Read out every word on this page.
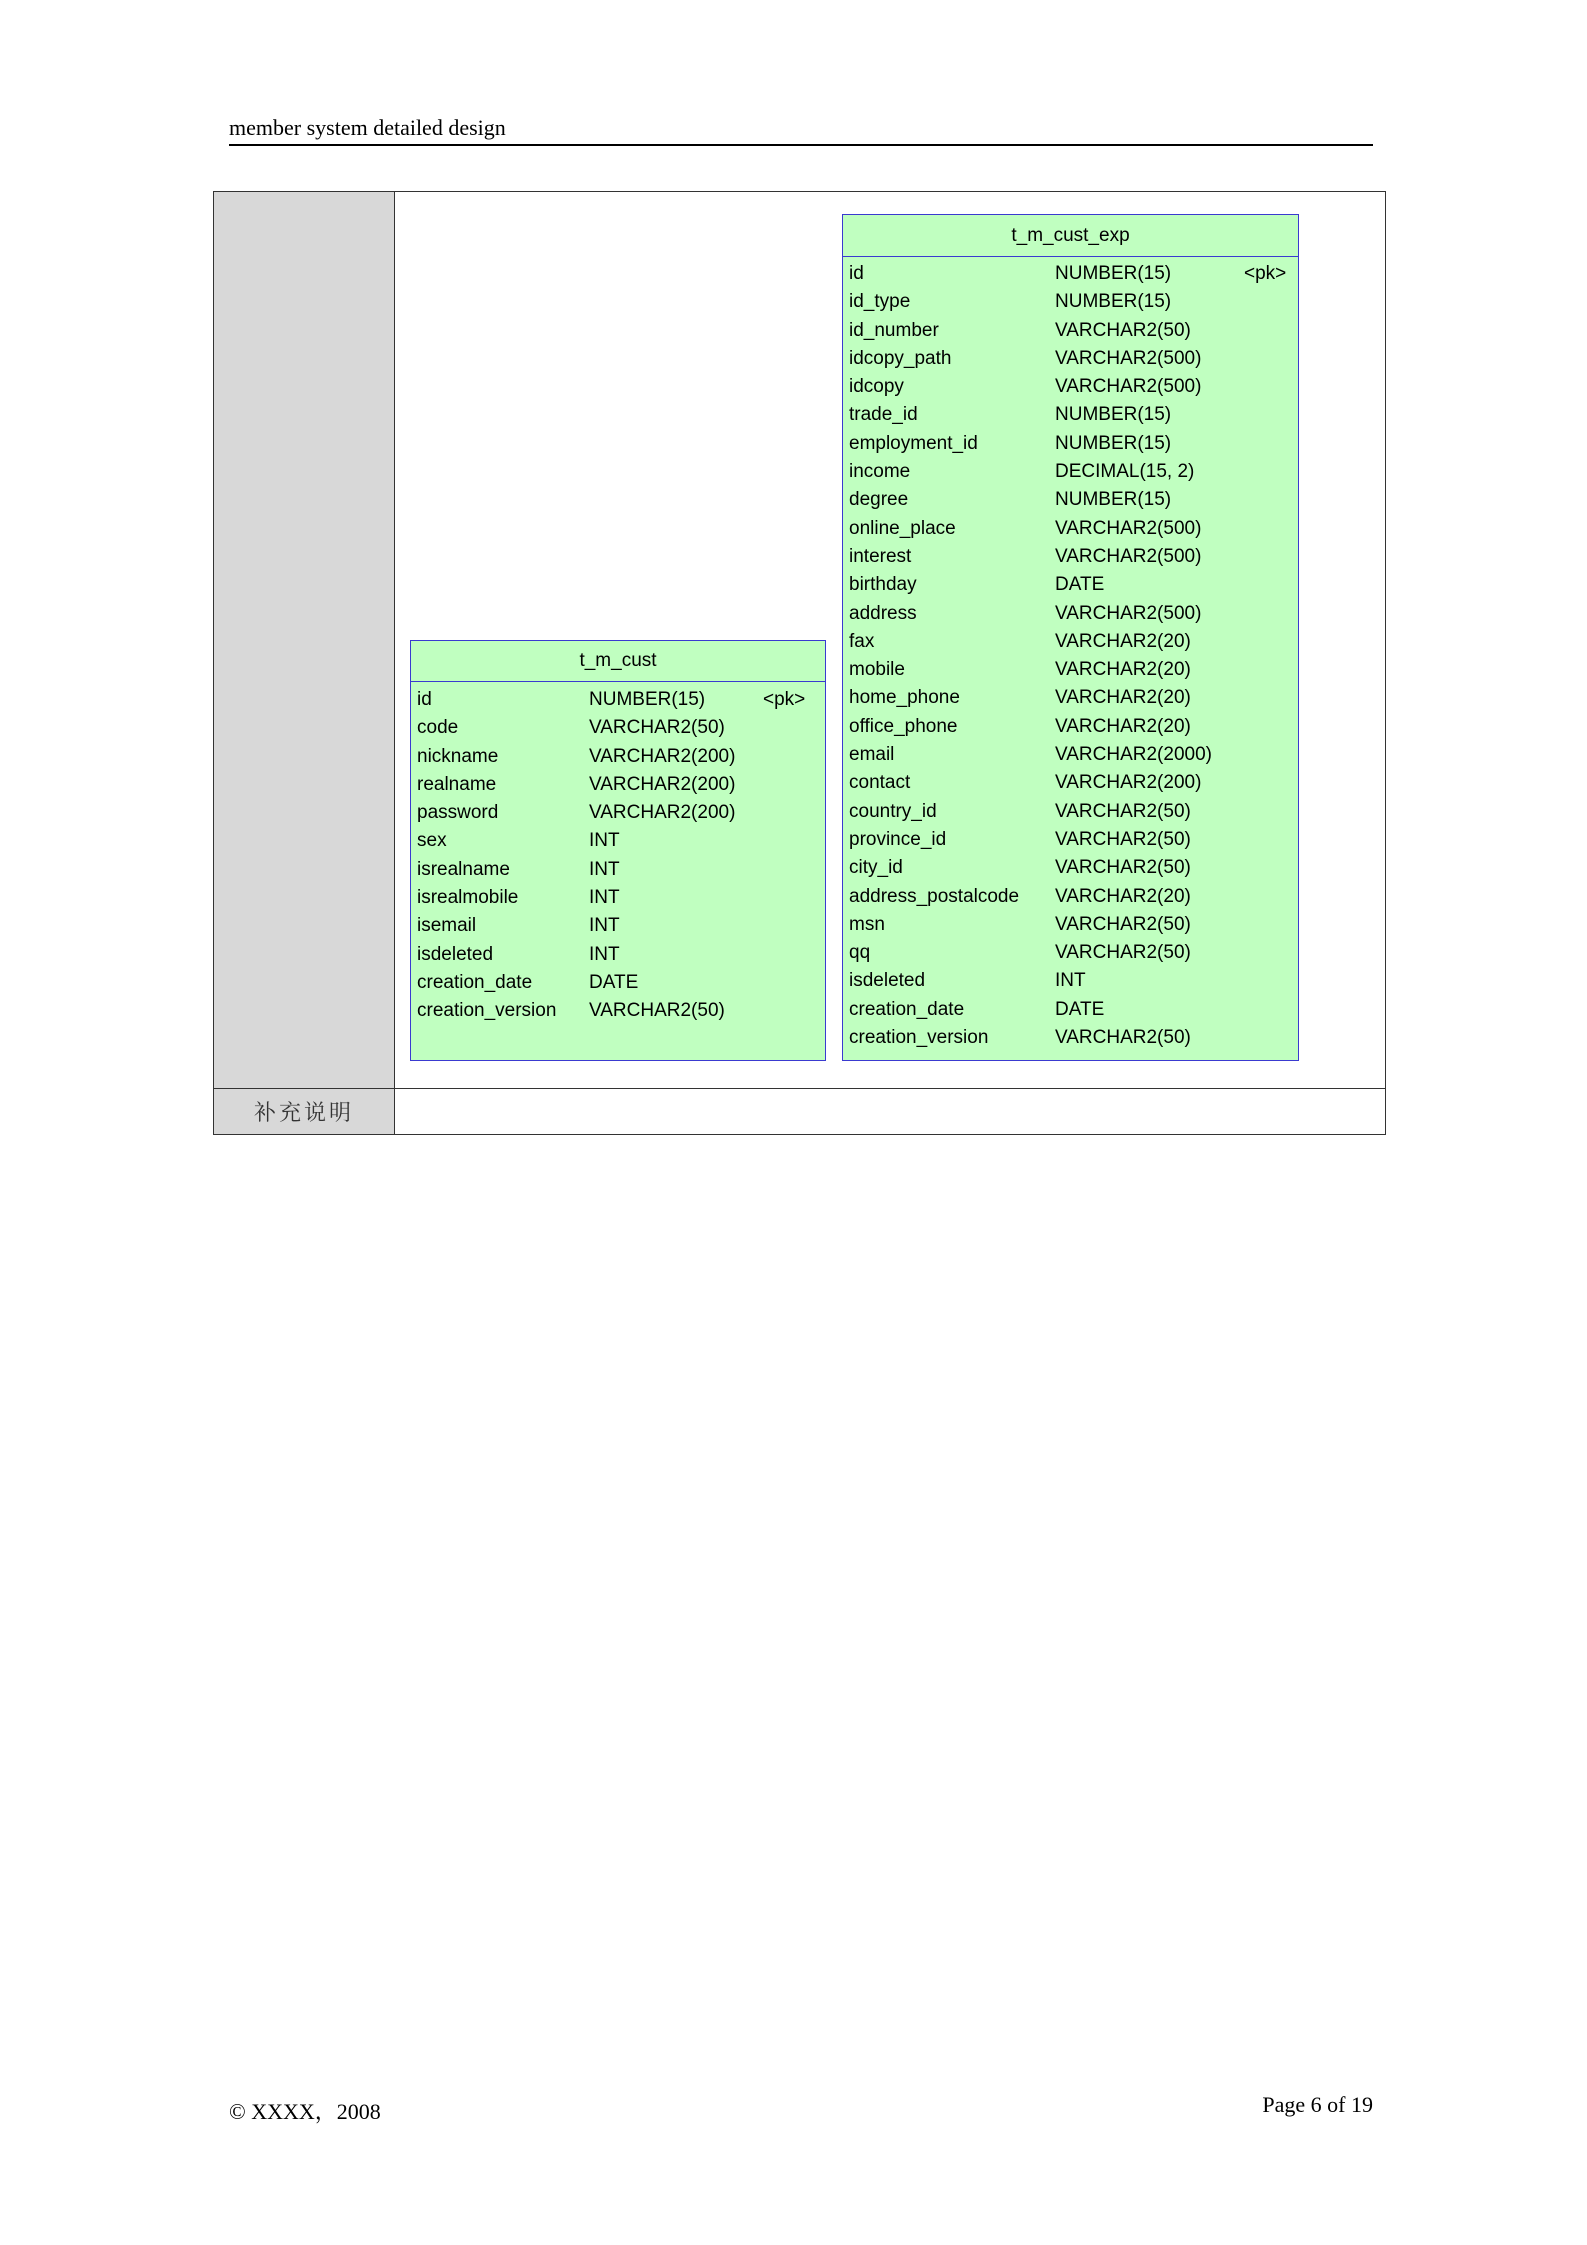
member system detailed design
补充说明
t_m_cust
id	NUMBER(15)	<pk>
code	VARCHAR2(50)
nickname	VARCHAR2(200)
realname	VARCHAR2(200)
password	VARCHAR2(200)
sex	INT
isrealname	INT
isrealmobile	INT
isemail	INT
isdeleted	INT
creation_date	DATE
creation_version VARCHAR2(50)
t_m_cust_exp
id	NUMBER(15)	<pk>
id_type	NUMBER(15)
id_number	VARCHAR2(50)
idcopy_path	VARCHAR2(500)
idcopy	VARCHAR2(500)
trade_id	NUMBER(15)
employment_id	NUMBER(15)
income	DECIMAL(15, 2)
degree	NUMBER(15)
online_place	VARCHAR2(500)
interest	VARCHAR2(500)
birthday	DATE
address	VARCHAR2(500)
fax	VARCHAR2(20)
mobile	VARCHAR2(20)
home_phone	VARCHAR2(20)
office_phone	VARCHAR2(20)
email	VARCHAR2(2000)
contact	VARCHAR2(200)
country_id	VARCHAR2(50)
province_id	VARCHAR2(50)
city_id	VARCHAR2(50)
address_postalcode VARCHAR2(20)
msn	VARCHAR2(50)
qq	VARCHAR2(50)
isdeleted	INT
creation_date	DATE
creation_version	VARCHAR2(50)
© XXXX，2008	Page 6 of 19
